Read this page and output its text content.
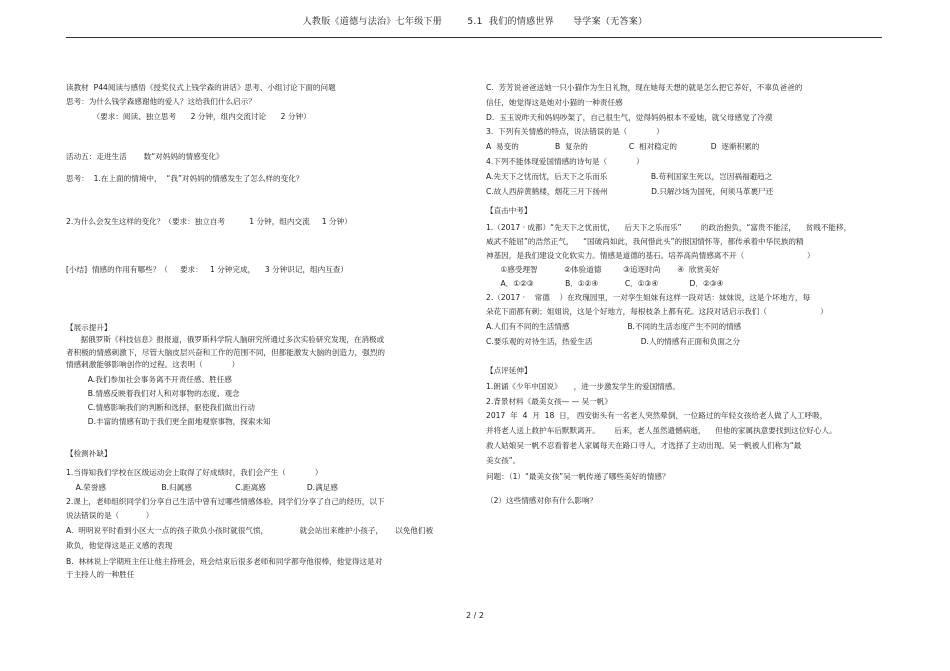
人教版《道德与法治》七年级下册        5.1  我们的情感世界      导学案（无答案）
读教材  P44阅读与感悟《授奖仪式上钱学森的讲话》思考、小组讨论下面的问题
思考：为什么钱学森感谢他的爱人？这给我们什么启示？
（要求：阅读、独立思考      2 分钟，组内交流讨论      2 分钟）
活动五：走进生活       数“对妈妈的情感变化》
思考：  1.在上面的情境中，  “我”对妈妈的情感发生了怎么样的变化？
2.为什么会发生这样的变化？（要求：独立自考          1 分钟，组内交流     1 分钟）
[小结]  情感的作用有哪些？（     要求：   1 分钟完成，    3 分钟识记，组内互查）
【展示提升】
据俄罗斯《科技信息》报报道，俄罗斯科学院人脑研究所通过多次实验研究发现，在消极或
者积极的情感刺激下，尽管大脑皮层兴奋和工作的范围不同，但都能激发大脑的创造力，强烈的
情感刺激能够影响创作的过程。这表明（            ）
A.我们参加社会事务离不开责任感、胜任感
B.情感反映着我们对人和对事物的态度、观念
C.情感影响我们的判断和选择，驱使我们做出行动
D.丰富的情感有助于我们更全面地观察事物，探索未知
【检测补缺】
1.当得知我们学校在区级运动会上取得了好成绩时，我们会产生（            ）
A.荣誉感                       B.归属感                  C.距离感                 D.满足感
2.课上，老师组织同学们分享自己生活中曾有过哪些情感体验，同学们分享了自己的经历，以下
说法错误的是（           ）
A.  明明说平时看到小区大一点的孩子欺负小孩时就很气愤，             就会站出来维护小孩子，     以免他们被
欺负，他觉得这是正义感的表现
B.  林林说上学期班主任让他主持班会，班会结束后很多老师和同学都夸他很棒，他觉得这是对
于主持人的一种胜任
C.  芳芳说爸爸送她一只小猫作为生日礼物，现在她每天想的就是怎么把它养好，不辜负爸爸的
信任，她觉得这是她对小猫的一种责任感
D.  玉玉说昨天和妈妈吵架了，自己很生气，觉得妈妈根本不爱她，就父母感觉了冷漠
3.  下列有关情感的特点，说法错误的是（            ）
A  易变的               B  复杂的                 C  相对稳定的              D  逐渐积累的
4.下列不能体现爱国情感的诗句是（            ）
A.先天下之忧而忧，后天下之乐而乐                  B.苟利国家生死以，岂因祸福避趋之
C.故人西辞黄鹤楼，烟花三月下扬州                  D.只解沙场为国死，何须马革裹尸还
【直击中考】
1.（2017 · 成都）“先天下之忧而忧，    后天下之乐而乐”        的政治抱负，“富贵不能淫，    贫贱不能移，
威武不能屈”的浩然正气，    “国破尚如此，我何惜此头”的报国情怀等，都传承着中华民族的精
神基因，是我们建设文化软实力。情感是道德的基石。培养高尚情感离不开（                          ）
①感受理智           ②体验道德         ③追逐时尚       ④  欣赏美好
A．①②③             B．①②④           C．①③④             D．②③④
2.（2017 ·    常德    ）在玫瑰园里，一对孪生姐妹有这样一段对话：妹妹说，这是个坏地方，每
朵花下面都有刺；姐姐说，这是个好地方，每根枝条上都有花。这段对话启示我们（                      ）
A.人们有不同的生活情感                        B.不同的生活态度产生不同的情感
C.要乐观的对待生活，热爱生活                    D.人的情感有正面和负面之分
【点评延伸】
1.朗诵《少年中国说》     ，进一步激发学生的爱国情感。
2.背景材料《最美女孩— — 吴一帆》
2017  年  4  月  18  日， 西安街头有一名老人突然晕倒，一位路过的年轻女孩给老人做了人工呼吸，
并将老人送上救护车后默默离开。      后来，老人虽然遗憾病逝，    但他的家属执意要找到这位好心人。
救人姑娘吴一帆不忍看着老人家属每天在路口寻人，才选择了主动出现。吴一帆被人们称为“最
美女孩”。
问题：（1）“最美女孩”吴一帆传递了哪些美好的情感？
（2）这些情感对你有什么影响？
2 / 2
